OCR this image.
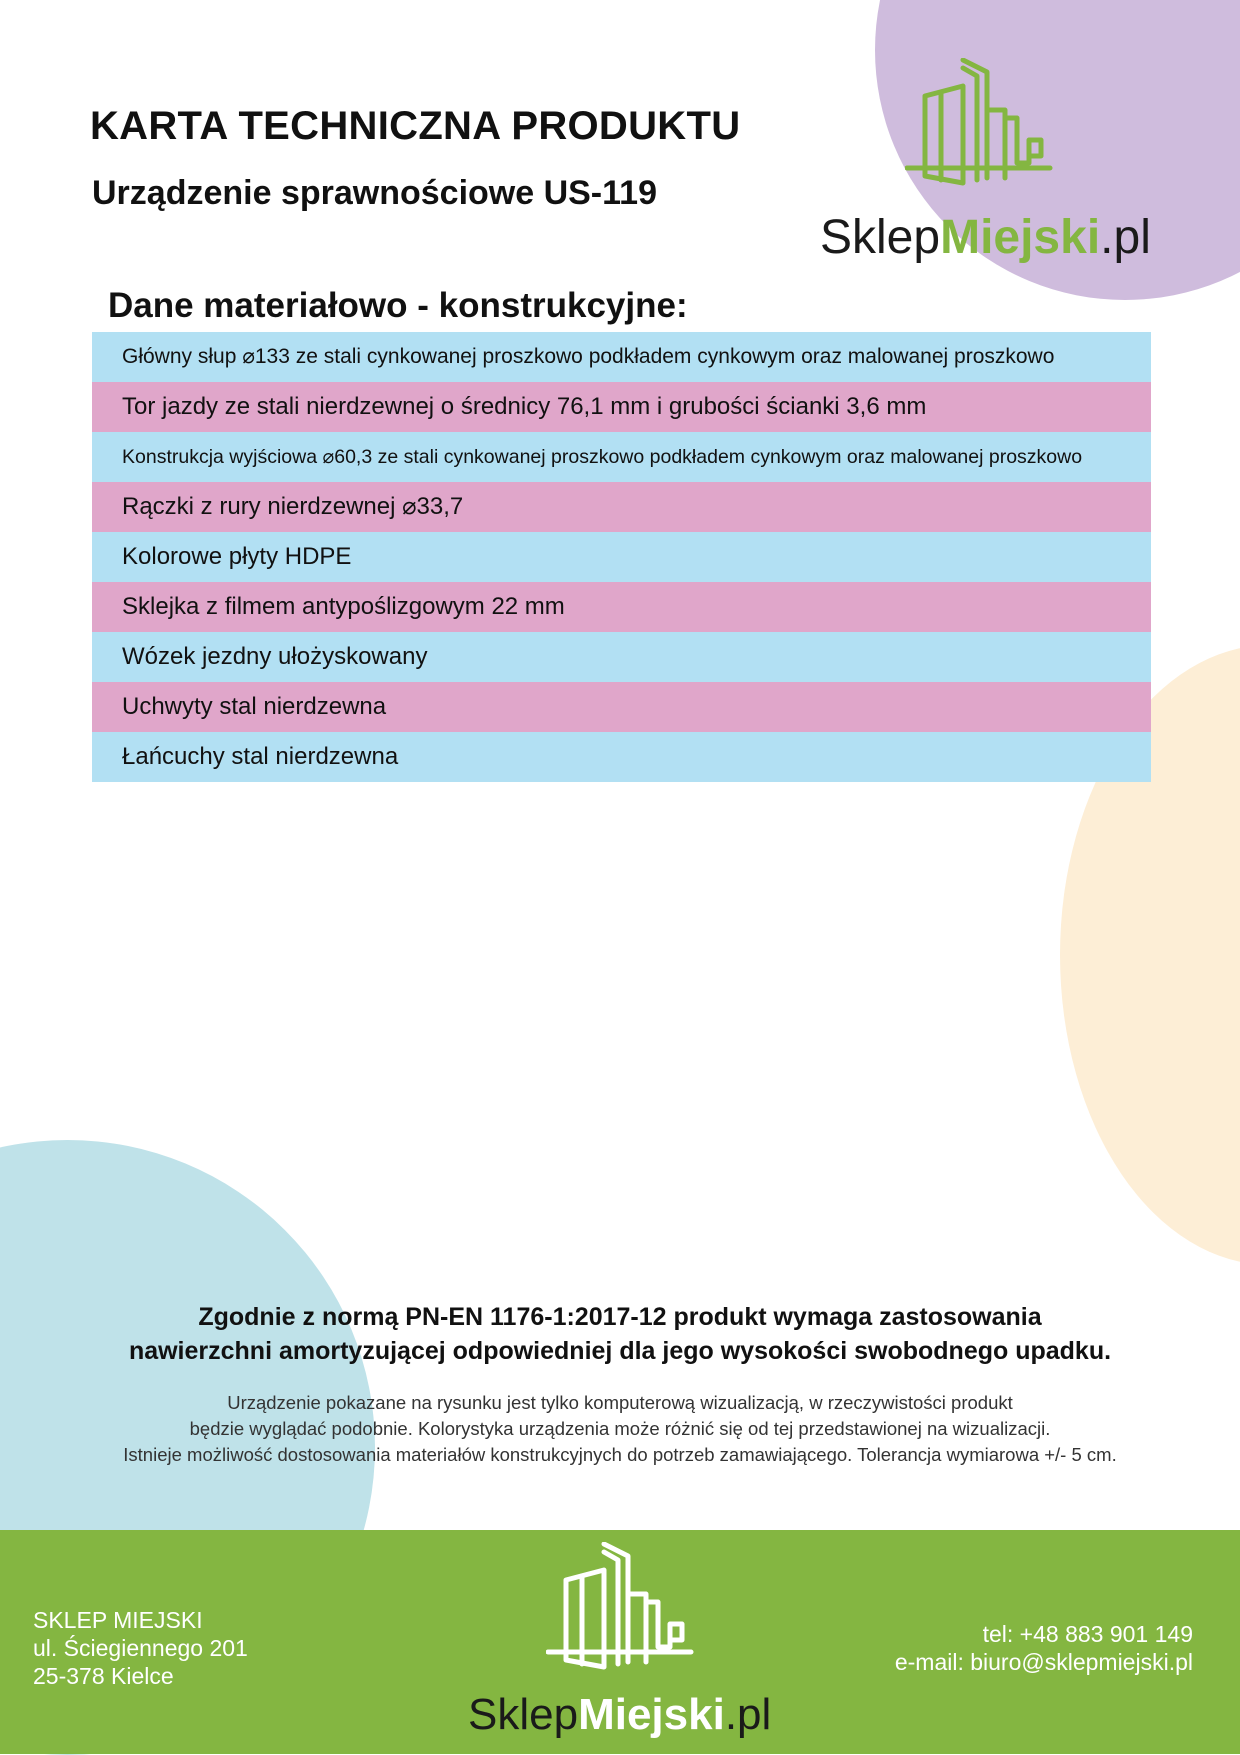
KARTA TECHNICZNA PRODUKTU
Urządzenie sprawnościowe US-119
SklepMiejski.pl
Dane materiałowo - konstrukcyjne:
Główny słup ⌀133 ze stali cynkowanej proszkowo podkładem cynkowym oraz malowanej proszkowo
Tor jazdy ze stali nierdzewnej o średnicy 76,1 mm i grubości ścianki 3,6 mm
Konstrukcja wyjściowa ⌀60,3 ze stali cynkowanej proszkowo podkładem cynkowym oraz malowanej proszkowo
Rączki z rury nierdzewnej ⌀33,7
Kolorowe płyty HDPE
Sklejka z filmem antypoślizgowym 22 mm
Wózek jezdny ułożyskowany
Uchwyty stal nierdzewna
Łańcuchy stal nierdzewna

Zgodnie z normą PN-EN 1176-1:2017-12 produkt wymaga zastosowania
nawierzchni amortyzującej odpowiedniej dla jego wysokości swobodnego upadku.

Urządzenie pokazane na rysunku jest tylko komputerową wizualizacją, w rzeczywistości produkt
będzie wyglądać podobnie. Kolorystyka urządzenia może różnić się od tej przedstawionej na wizualizacji.
Istnieje możliwość dostosowania materiałów konstrukcyjnych do potrzeb zamawiającego. Tolerancja wymiarowa +/- 5 cm.

SKLEP MIEJSKI
ul. Ściegiennego 201
25-378 Kielce
SklepMiejski.pl
tel: +48 883 901 149
e-mail: biuro@sklepmiejski.pl
